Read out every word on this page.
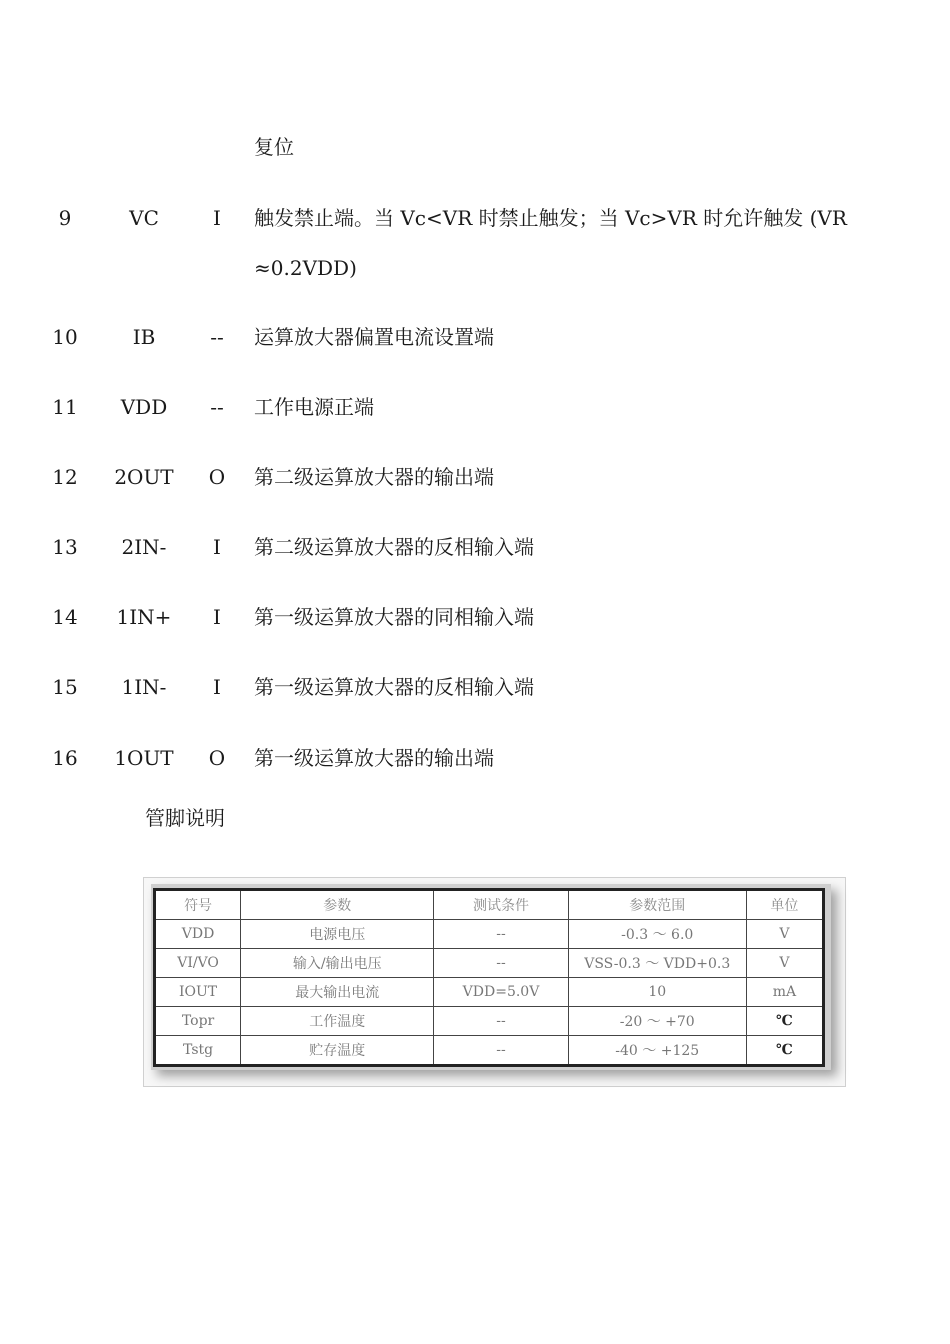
复位
9	VC	I	触发禁止端。当 Vc<VR 时禁止触发；当 Vc>VR 时允许触发 (VR
≈0.2VDD)
10	IB	--	运算放大器偏置电流设置端
11	VDD	--	工作电源正端
12 2OUT	O	第二级运算放大器的输出端
13	2IN-	I	第二级运算放大器的反相输入端
14 1IN+	I	第一级运算放大器的同相输入端
15	1IN-	I	第一级运算放大器的反相输入端
16 1OUT	O	第一级运算放大器的输出端
管脚说明
符号	参数	测试条件	参数范围	单位
VDD	电源电压	--	-0.3 ～ 6.0	V
VI/VO	输入/输出电压	--	VSS-0.3 ～ VDD+0.3	V
IOUT	最大输出电流	VDD=5.0V	10	mA
Topr	工作温度	--	-20 ～ +70	℃
Tstg	贮存温度	--	-40 ～ +125	℃
